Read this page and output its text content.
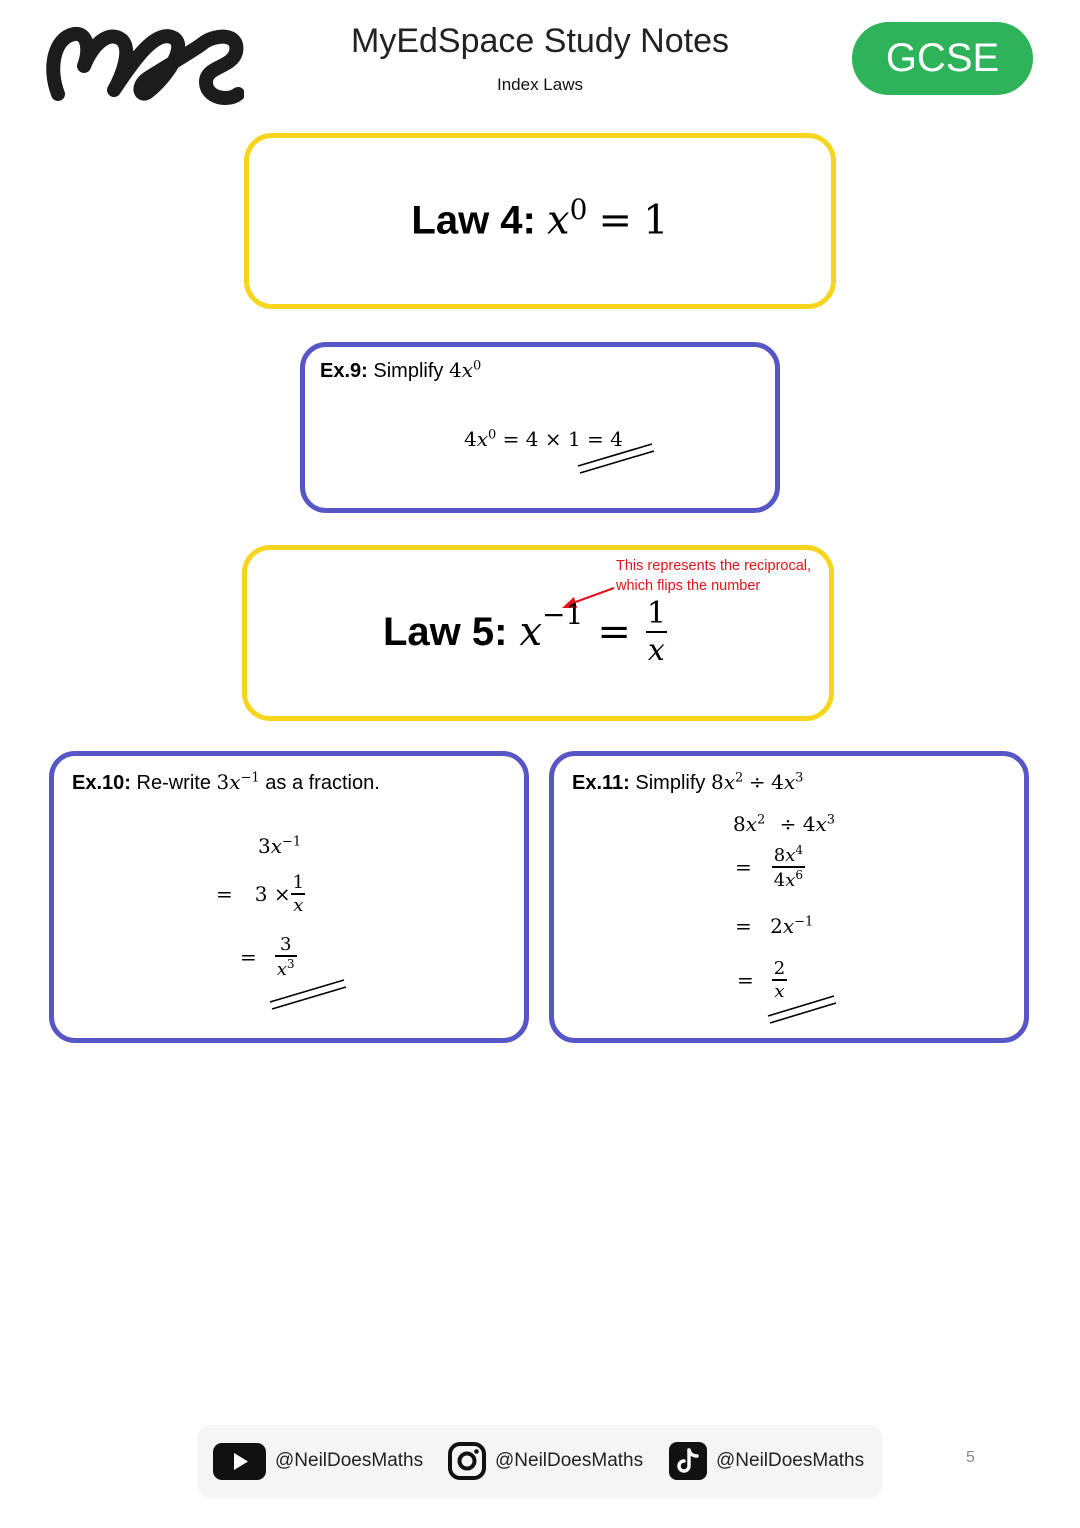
MyEdSpace Study Notes
Index Laws
GCSE
Law 4: $x^0 = 1$
Ex.9: Simplify $4x^0$
$4x^0 = 4 \times 1 = 4$
This represents the reciprocal,
which flips the number
Law 5: $x -1 = \frac{1}{x}$
Ex.10: Re-write $3x^{-1}$ as a fraction.
$3x^{-1}$
= $3 \times \frac{1}{x}$
= $\frac{3}{x^3}$
Ex.11: Simplify $8x^2 \div 4x^3$
$8x^2 \div 4x^3$
= $\frac{8x^4}{4x^6}$
= $2x^{-1}$
= $\frac{2}{x}$
@NeilDoesMaths	@NeilDoesMaths	@NeilDoesMaths	5
